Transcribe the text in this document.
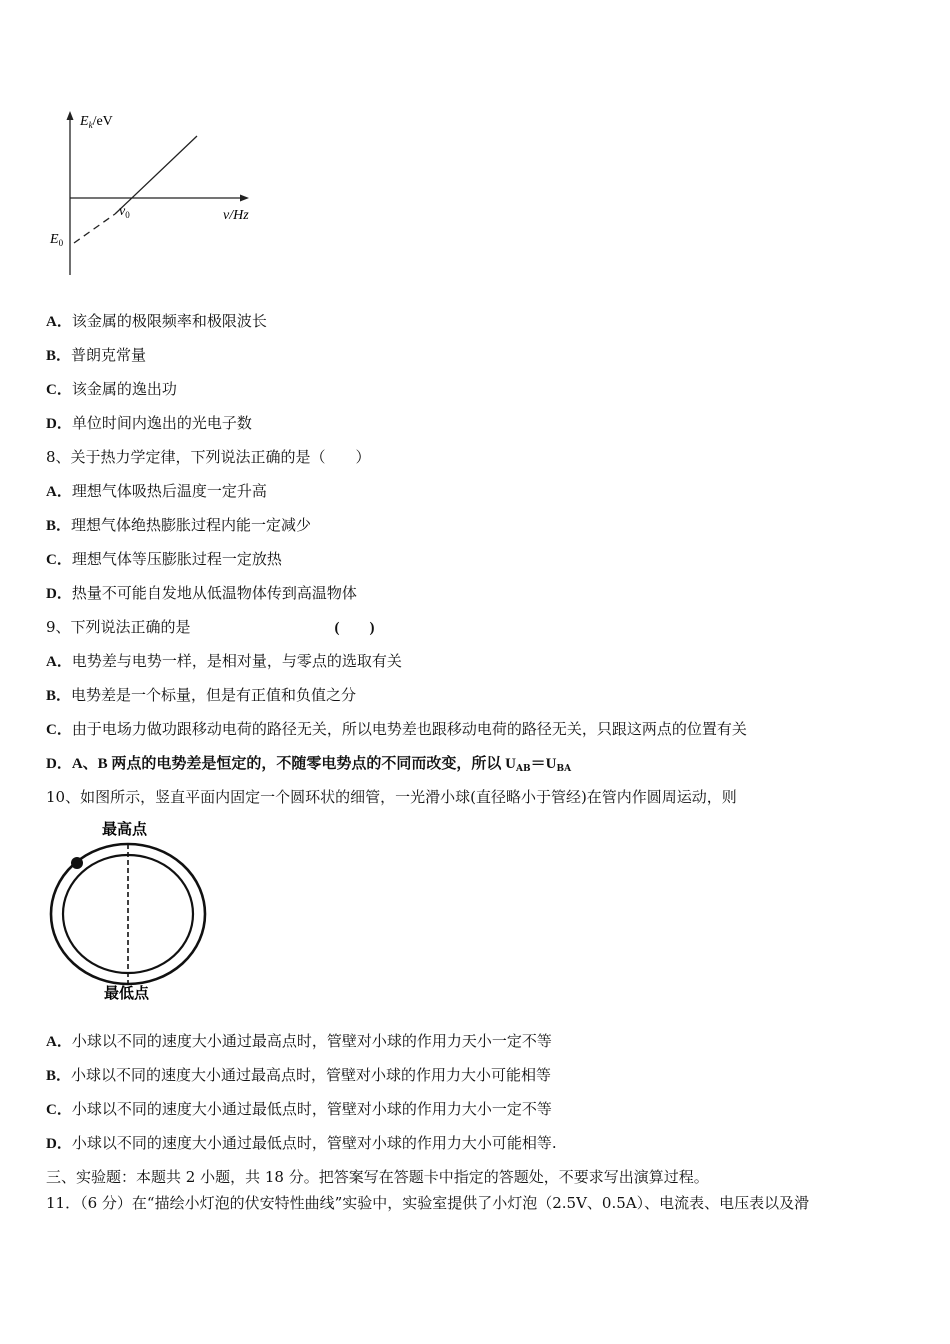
$E_k/eV$
$\nu_0$	ν/Hz
$E_0$
A．该金属的极限频率和极限波长
B．普朗克常量
C．该金属的逸出功
D．单位时间内逸出的光电子数
8、关于热力学定律，下列说法正确的是（　　）
A．理想气体吸热后温度一定升高
B．理想气体绝热膨胀过程内能一定减少
C．理想气体等压膨胀过程一定放热
D．热量不可能自发地从低温物体传到高温物体
9、下列说法正确的是	(　　)
A．电势差与电势一样，是相对量，与零点的选取有关
B．电势差是一个标量，但是有正值和负值之分
C．由于电场力做功跟移动电荷的路径无关，所以电势差也跟移动电荷的路径无关，只跟这两点的位置有关
D．A、B 两点的电势差是恒定的，不随零电势点的不同而改变，所以 $U_{AB}=U_{BA}$
10、如图所示，竖直平面内固定一个圆环状的细管，一光滑小球(直径略小于管经)在管内作圆周运动，则
最高点
最低点
A．小球以不同的速度大小通过最高点时，管壁对小球的作用力天小一定不等
B．小球以不同的速度大小通过最高点时，管壁对小球的作用力大小可能相等
C．小球以不同的速度大小通过最低点时，管壁对小球的作用力大小一定不等
D．小球以不同的速度大小通过最低点时，管壁对小球的作用力大小可能相等.
三、实验题：本题共 2 小题，共 18 分。把答案写在答题卡中指定的答题处，不要求写出演算过程。
11．（6 分）在“描绘小灯泡的伏安特性曲线”实验中，实验室提供了小灯泡（2.5V、0.5A）、电流表、电压表以及滑
